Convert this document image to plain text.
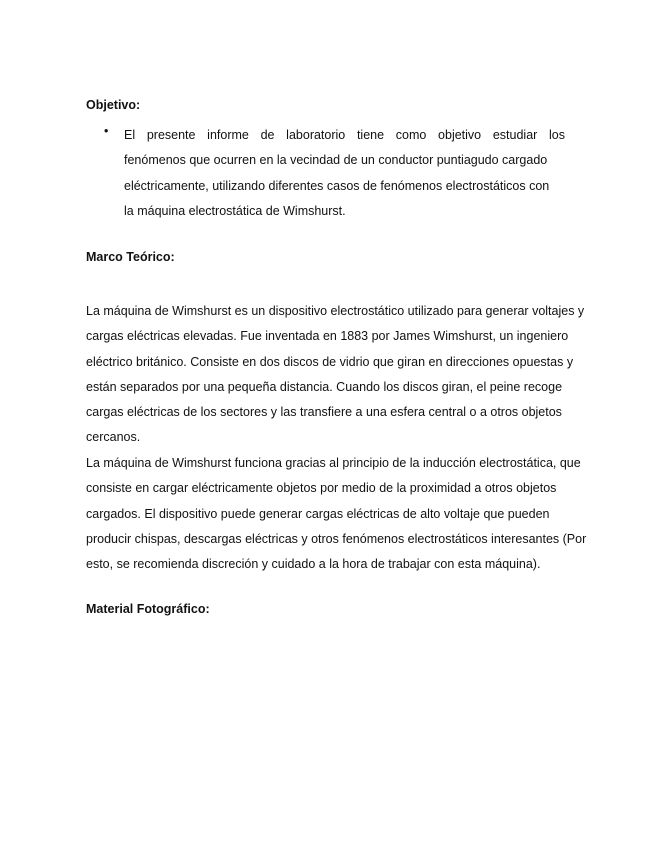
Objetivo:
• El presente informe de laboratorio tiene como objetivo estudiar los
fenómenos que ocurren en la vecindad de un conductor puntiagudo cargado
eléctricamente, utilizando diferentes casos de fenómenos electrostáticos con
la máquina electrostática de Wimshurst.

Marco Teórico:

La máquina de Wimshurst es un dispositivo electrostático utilizado para generar voltajes y
cargas eléctricas elevadas. Fue inventada en 1883 por James Wimshurst, un ingeniero
eléctrico británico. Consiste en dos discos de vidrio que giran en direcciones opuestas y
están separados por una pequeña distancia. Cuando los discos giran, el peine recoge
cargas eléctricas de los sectores y las transfiere a una esfera central o a otros objetos
cercanos.

La máquina de Wimshurst funciona gracias al principio de la inducción electrostática, que
consiste en cargar eléctricamente objetos por medio de la proximidad a otros objetos
cargados. El dispositivo puede generar cargas eléctricas de alto voltaje que pueden
producir chispas, descargas eléctricas y otros fenómenos electrostáticos interesantes (Por
esto, se recomienda discreción y cuidado a la hora de trabajar con esta máquina).

Material Fotográfico:
